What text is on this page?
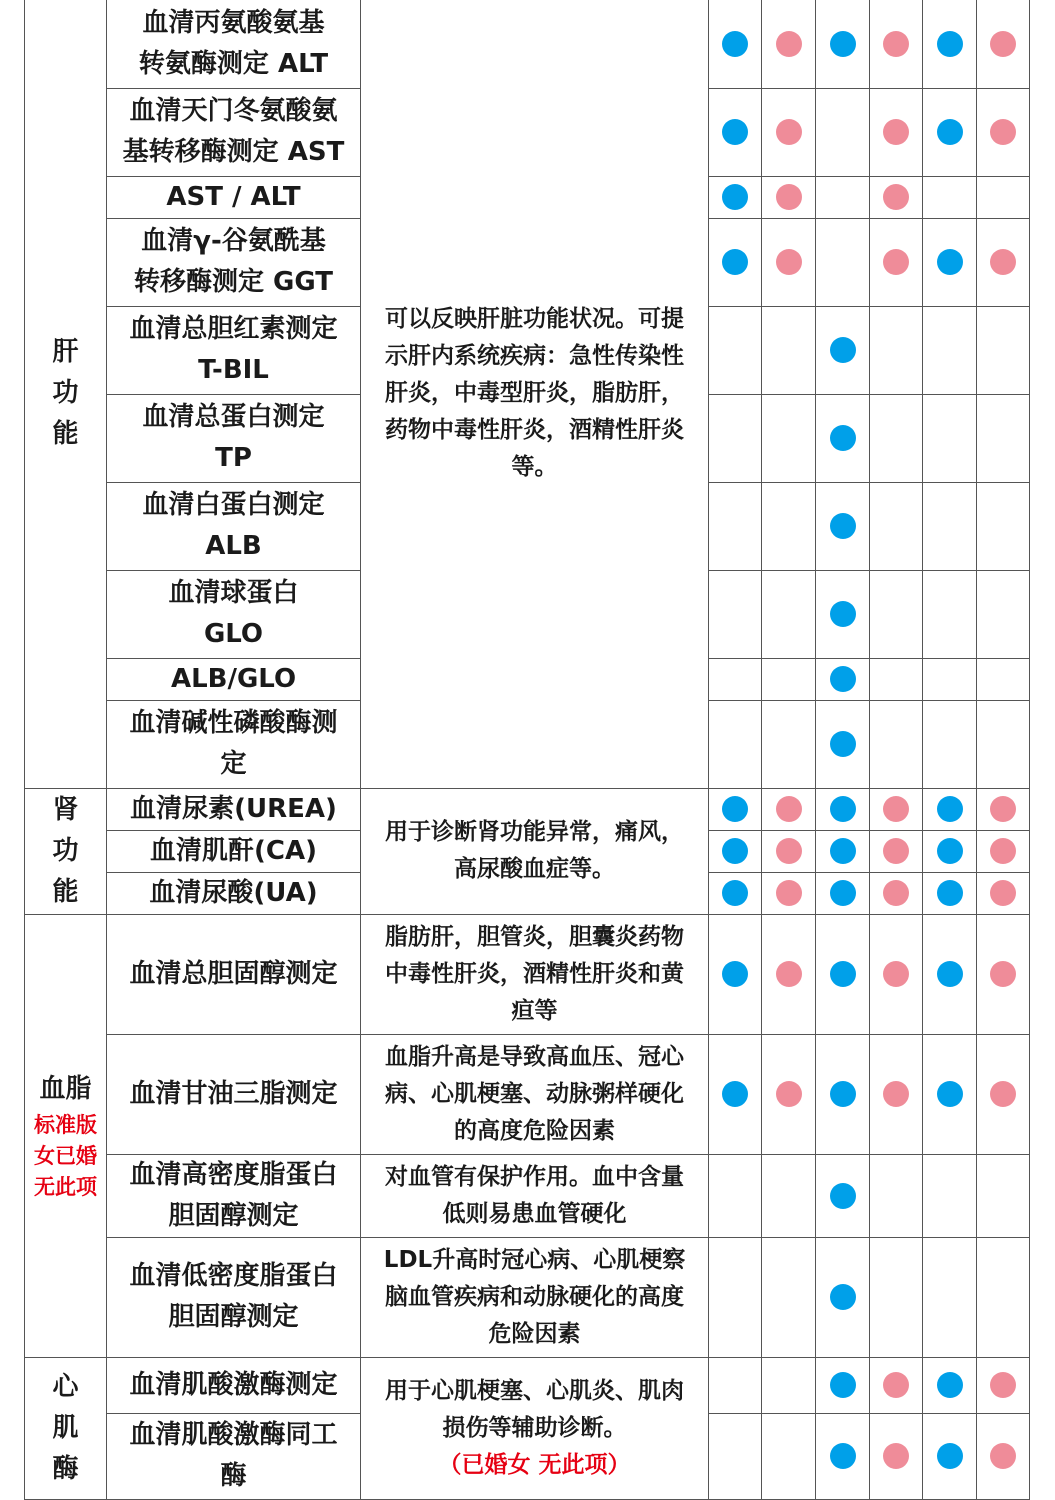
肝功能	血清丙氨酸氨基
转氨酶测定 ALT	可以反映肝脏功能状况。可提
示肝内系统疾病：急性传染性
肝炎，中毒型肝炎，脂肪肝，
药物中毒性肝炎，酒精性肝炎
等。						

	血清天门冬氨酸氨
基转移酶测定 AST							

	AST / ALT							

	血清γ-谷氨酰基
转移酶测定 GGT							

	血清总胆红素测定
T-BIL							

	血清总蛋白测定
TP							

	血清白蛋白测定
ALB							

	血清球蛋白
GLO							

	ALB/GLO							

	血清碱性磷酸酶测
定							

肾功能	血清尿素(UREA)	用于诊断肾功能异常，痛风，
高尿酸血症等。						

	血清肌酐(CA)							

	血清尿酸(UA)							

血脂
标准版
女已婚
无此项	血清总胆固醇测定	脂肪肝，胆管炎，胆囊炎药物
中毒性肝炎，酒精性肝炎和黄
疸等						

	血清甘油三脂测定	血脂升高是导致高血压、冠心
病、心肌梗塞、动脉粥样硬化
的高度危险因素						

	血清高密度脂蛋白
胆固醇测定	对血管有保护作用。血中含量
低则易患血管硬化						

	血清低密度脂蛋白
胆固醇测定	LDL升高时冠心病、心肌梗察
脑血管疾病和动脉硬化的高度
危险因素						

心肌酶	血清肌酸激酶测定	用于心肌梗塞、心肌炎、肌肉
损伤等辅助诊断。
（已婚女 无此项）						

	血清肌酸激酶同工
酶							
